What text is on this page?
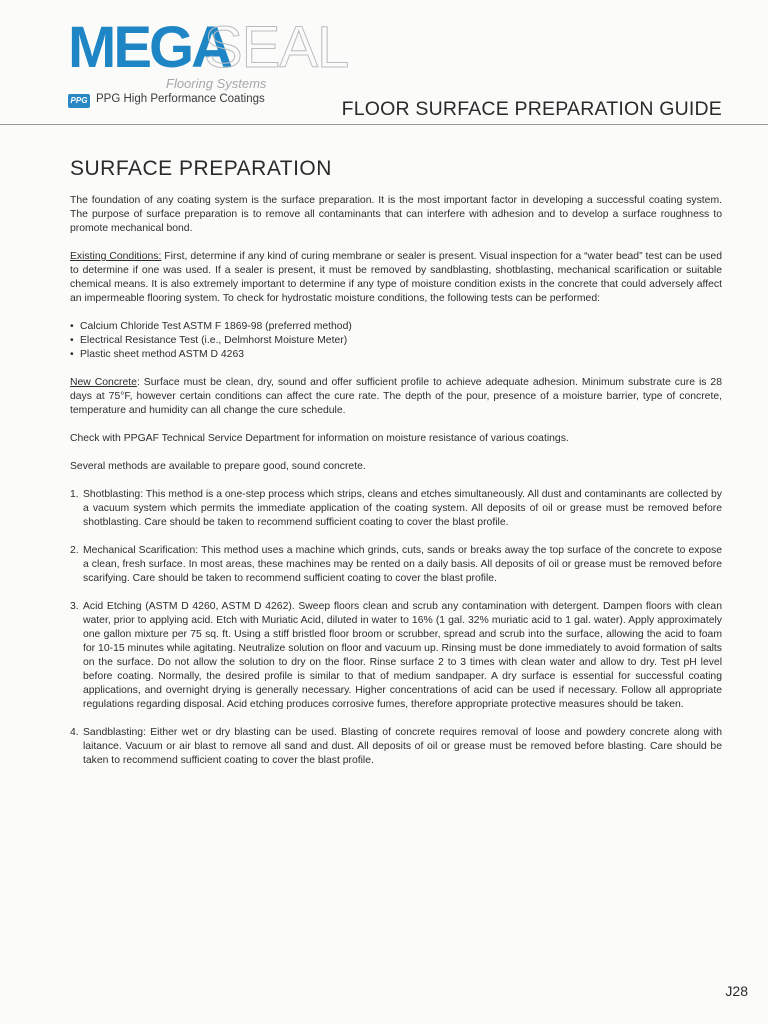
MEGA
SEAL
Flooring Systems
PPG PPG High Performance Coatings	FLOOR SURFACE PREPARATION GUIDE
SURFACE PREPARATION

The foundation of any coating system is the surface preparation. It is the most important factor in developing a successful coating system. The purpose of surface preparation is to remove all contaminants that can interfere with adhesion and to develop a surface roughness to promote mechanical bond.

Existing Conditions: First, determine if any kind of curing membrane or sealer is present. Visual inspection for a “water bead” test can be used to determine if one was used. If a sealer is present, it must be removed by sandblasting, shotblasting, mechanical scarification or suitable chemical means. It is also extremely important to determine if any type of moisture condition exists in the concrete that could adversely affect an impermeable flooring system. To check for hydrostatic moisture conditions, the following tests can be performed:

• Calcium Chloride Test ASTM F 1869-98 (preferred method)
• Electrical Resistance Test (i.e., Delmhorst Moisture Meter)
• Plastic sheet method ASTM D 4263

New Concrete: Surface must be clean, dry, sound and offer sufficient profile to achieve adequate adhesion. Minimum substrate cure is 28 days at 75°F, however certain conditions can affect the cure rate. The depth of the pour, presence of a moisture barrier, type of concrete, temperature and humidity can all change the cure schedule.

Check with PPGAF Technical Service Department for information on moisture resistance of various coatings.

Several methods are available to prepare good, sound concrete.

1. Shotblasting: This method is a one-step process which strips, cleans and etches simultaneously. All dust and contaminants are collected by a vacuum system which permits the immediate application of the coating system. All deposits of oil or grease must be removed before shotblasting. Care should be taken to recommend sufficient coating to cover the blast profile.
2. Mechanical Scarification: This method uses a machine which grinds, cuts, sands or breaks away the top surface of the concrete to expose a clean, fresh surface. In most areas, these machines may be rented on a daily basis. All deposits of oil or grease must be removed before scarifying. Care should be taken to recommend sufficient coating to cover the blast profile.
3. Acid Etching (ASTM D 4260, ASTM D 4262). Sweep floors clean and scrub any contamination with detergent. Dampen floors with clean water, prior to applying acid. Etch with Muriatic Acid, diluted in water to 16% (1 gal. 32% muriatic acid to 1 gal. water). Apply approximately one gallon mixture per 75 sq. ft. Using a stiff bristled floor broom or scrubber, spread and scrub into the surface, allowing the acid to foam for 10-15 minutes while agitating. Neutralize solution on floor and vacuum up. Rinsing must be done immediately to avoid formation of salts on the surface. Do not allow the solution to dry on the floor. Rinse surface 2 to 3 times with clean water and allow to dry. Test pH level before coating. Normally, the desired profile is similar to that of medium sandpaper. A dry surface is essential for successful coating applications, and overnight drying is generally necessary. Higher concentrations of acid can be used if necessary. Follow all appropriate regulations regarding disposal. Acid etching produces corrosive fumes, therefore appropriate protective measures should be taken.
4. Sandblasting: Either wet or dry blasting can be used. Blasting of concrete requires removal of loose and powdery concrete along with laitance. Vacuum or air blast to remove all sand and dust. All deposits of oil or grease must be removed before blasting. Care should be taken to recommend sufficient coating to cover the blast profile.
J28
